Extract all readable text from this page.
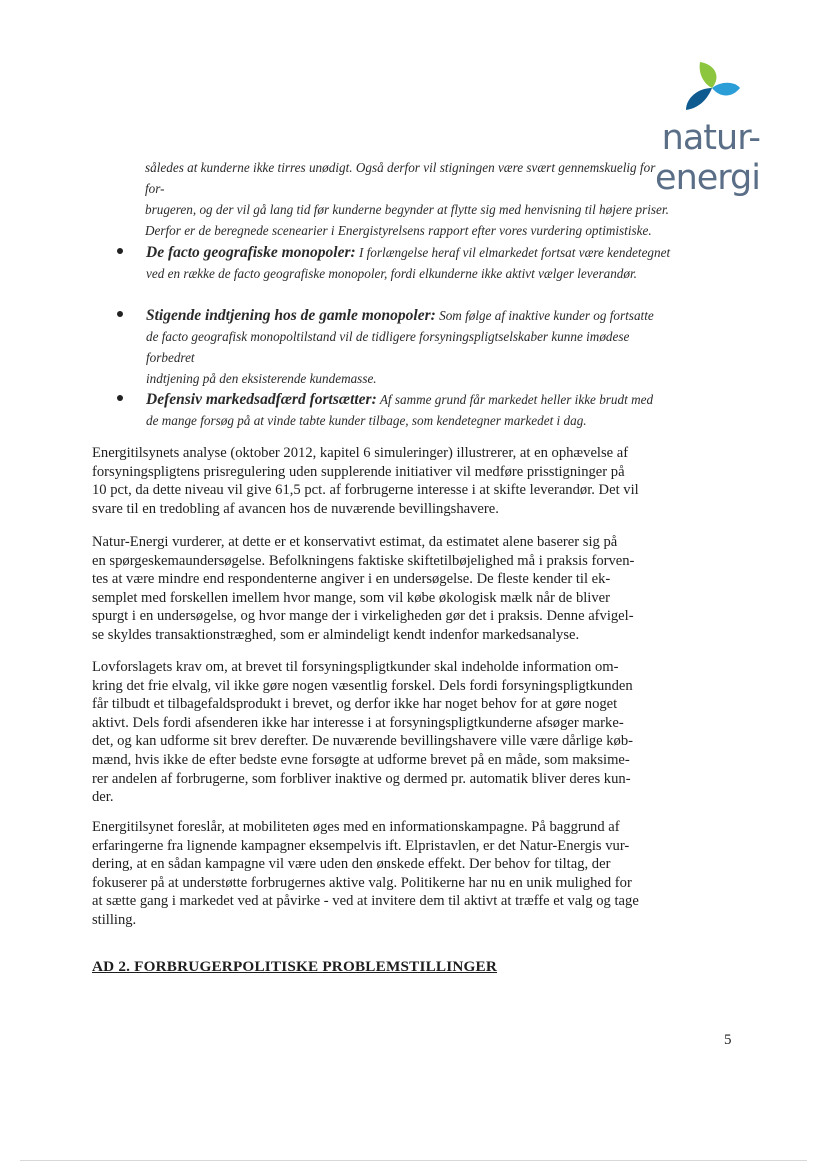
natur-energi
således at kunderne ikke tirres unødigt. Også derfor vil stigningen være svært gennemskuelig for for-
brugeren, og der vil gå lang tid før kunderne begynder at flytte sig med henvisning til højere priser.
Derfor er de beregnede scenearier i Energistyrelsens rapport efter vores vurdering optimistiske.
De facto geografiske monopoler: I forlængelse heraf vil elmarkedet fortsat være kendetegnet
ved en række de facto geografiske monopoler, fordi elkunderne ikke aktivt vælger leverandør.
Stigende indtjening hos de gamle monopoler: Som følge af inaktive kunder og fortsatte
de facto geografisk monopoltilstand vil de tidligere forsyningspligtselskaber kunne imødese forbedret
indtjening på den eksisterende kundemasse.
Defensiv markedsadfærd fortsætter: Af samme grund får markedet heller ikke brudt med
de mange forsøg på at vinde tabte kunder tilbage, som kendetegner markedet i dag.
Energitilsynets analyse (oktober 2012, kapitel 6 simuleringer) illustrerer, at en ophævelse af
forsyningspligtens prisregulering uden supplerende initiativer vil medføre prisstigninger på
10 pct, da dette niveau vil give 61,5 pct. af forbrugerne interesse i at skifte leverandør. Det vil
svare til en tredobling af avancen hos de nuværende bevillingshavere.
Natur-Energi vurderer, at dette er et konservativt estimat, da estimatet alene baserer sig på
en spørgeskemaundersøgelse. Befolkningens faktiske skiftetilbøjelighed må i praksis forven-
tes at være mindre end respondenterne angiver i en undersøgelse. De fleste kender til ek-
semplet med forskellen imellem hvor mange, som vil købe økologisk mælk når de bliver
spurgt i en undersøgelse, og hvor mange der i virkeligheden gør det i praksis. Denne afvigel-
se skyldes transaktionstræghed, som er almindeligt kendt indenfor markedsanalyse.
Lovforslagets krav om, at brevet til forsyningspligtkunder skal indeholde information om-
kring det frie elvalg, vil ikke gøre nogen væsentlig forskel. Dels fordi forsyningspligtkunden
får tilbudt et tilbagefaldsprodukt i brevet, og derfor ikke har noget behov for at gøre noget
aktivt. Dels fordi afsenderen ikke har interesse i at forsyningspligtkunderne afsøger marke-
det, og kan udforme sit brev derefter. De nuværende bevillingshavere ville være dårlige køb-
mænd, hvis ikke de efter bedste evne forsøgte at udforme brevet på en måde, som maksime-
rer andelen af forbrugerne, som forbliver inaktive og dermed pr. automatik bliver deres kun-
der.
Energitilsynet foreslår, at mobiliteten øges med en informationskampagne. På baggrund af
erfaringerne fra lignende kampagner eksempelvis ift. Elpristavlen, er det Natur-Energis vur-
dering, at en sådan kampagne vil være uden den ønskede effekt. Der behov for tiltag, der
fokuserer på at understøtte forbrugernes aktive valg. Politikerne har nu en unik mulighed for
at sætte gang i markedet ved at påvirke - ved at invitere dem til aktivt at træffe et valg og tage
stilling.
AD 2. FORBRUGERPOLITISKE PROBLEMSTILLINGER
5
